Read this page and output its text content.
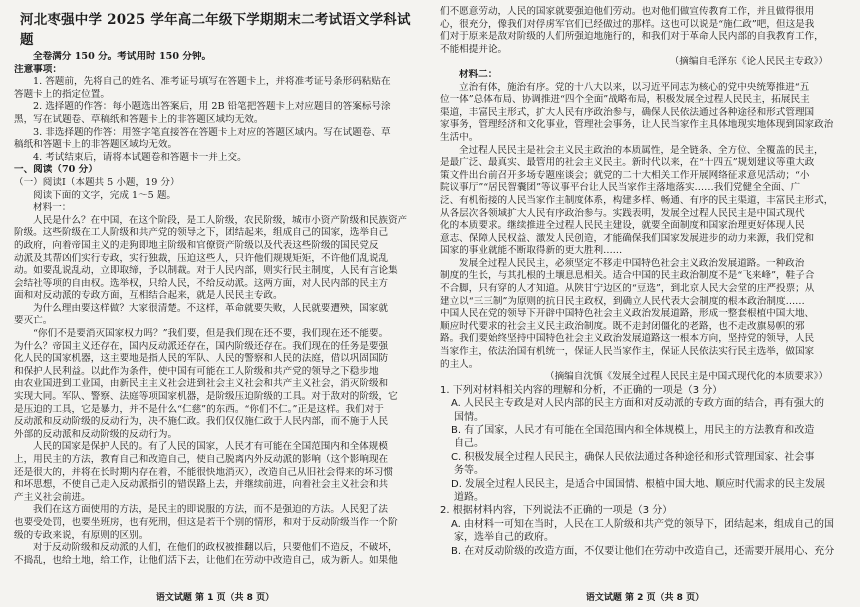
河北枣强中学 2025 学年高二年级下学期期末二考试语文学科试题
全卷满分 150 分。考试用时 150 分钟。
注意事项：
1. 答题前，先将自己的姓名、准考证号填写在答题卡上，并将准考证号条形码粘贴在
答题卡上的指定位置。
2. 选择题的作答：每小题选出答案后，用 2B 铅笔把答题卡上对应题目的答案标号涂
黑，写在试题卷、草稿纸和答题卡上的非答题区域均无效。
3. 非选择题的作答：用签字笔直接答在答题卡上对应的答题区域内。写在试题卷、草
稿纸和答题卡上的非答题区域均无效。
4. 考试结束后，请将本试题卷和答题卡一并上交。
一、阅读（70 分）
（一）阅读Ⅰ（本题共 5 小题，19 分）
阅读下面的文字，完成 1～5 题。
材料一：
人民是什么？在中国，在这个阶段，是工人阶级，农民阶级，城市小资产阶级和民族资产
阶级。这些阶级在工人阶级和共产党的领导之下，团结起来，组成自己的国家，选举自己
的政府，向着帝国主义的走狗即地主阶级和官僚资产阶级以及代表这些阶级的国民党反
动派及其帮凶们实行专政，实行独裁，压迫这些人，只许他们规规矩矩，不许他们乱说乱
动。如要乱说乱动，立即取缔，予以制裁。对于人民内部，则实行民主制度，人民有言论集
会结社等项的自由权。选举权，只给人民，不给反动派。这两方面，对人民内部的民主方
面和对反动派的专政方面，互相结合起来，就是人民民主专政。
为什么理由要这样做？大家很清楚。不这样，革命就要失败，人民就要遭殃，国家就
要灭亡。
“你们不是要消灭国家权力吗？”我们要，但是我们现在还不要，我们现在还不能要。
为什么？帝国主义还存在，国内反动派还存在，国内阶级还存在。我们现在的任务是要强
化人民的国家机器，这主要地是指人民的军队、人民的警察和人民的法庭，借以巩固国防
和保护人民利益。以此作为条件，使中国有可能在工人阶级和共产党的领导之下稳步地
由农业国进到工业国，由新民主主义社会进到社会主义社会和共产主义社会，消灭阶级和
实现大同。军队、警察、法庭等项国家机器，是阶级压迫阶级的工具。对于敌对的阶级，它
是压迫的工具，它是暴力，并不是什么“仁慈”的东西。“你们不仁。”正是这样。我们对于
反动派和反动阶级的反动行为，决不施仁政。我们仅仅施仁政于人民内部，而不施于人民
外部的反动派和反动阶级的反动行为。
人民的国家是保护人民的。有了人民的国家，人民才有可能在全国范围内和全体规模
上，用民主的方法，教育自己和改造自己，使自己脱离内外反动派的影响（这个影响现在
还是很大的，并将在长时期内存在着，不能很快地消灭），改造自己从旧社会得来的坏习惯
和坏思想，不使自己走入反动派指引的错误路上去，并继续前进，向着社会主义社会和共
产主义社会前进。
我们在这方面使用的方法，是民主的即说服的方法，而不是强迫的方法。人民犯了法
也要受处罚，也要坐班房，也有死刑，但这是若干个别的情形，和对于反动阶级当作一个阶
级的专政来说，有原则的区别。
对于反动阶级和反动派的人们，在他们的政权被推翻以后，只要他们不造反，不破坏，
不捣乱，也给土地，给工作，让他们活下去，让他们在劳动中改造自己，成为新人。如果他
语文试题 第 1 页（共 8 页）
们不愿意劳动，人民的国家就要强迫他们劳动。也对他们做宣传教育工作，并且做得很用
心，很充分，像我们对俘虏军官们已经做过的那样。这也可以说是“施仁政”吧，但这是我
们对于原来是敌对阶级的人们所强迫地施行的，和我们对于革命人民内部的自我教育工作，
不能相提并论。
（摘编自毛泽东《论人民民主专政》）
材料二：
立治有体，施治有序。党的十八大以来，以习近平同志为核心的党中央统筹推进“五
位一体”总体布局、协调推进“四个全面”战略布局，积极发展全过程人民民主，拓展民主
渠道，丰富民主形式，扩大人民有序政治参与，确保人民依法通过各种途径和形式管理国
家事务，管理经济和文化事业，管理社会事务，让人民当家作主具体地现实地体现到国家政治
生活中。
全过程人民民主是社会主义民主政治的本质属性，是全链条、全方位、全覆盖的民主，
是最广泛、最真实、最管用的社会主义民主。新时代以来，在“十四五”规划建议等重大政
策文件出台前召开多场专题座谈会；就党的二十大相关工作开展网络征求意见活动；“小
院议事厅”“居民智囊团”等议事平台让人民当家作主落地落实……我们党健全全面、广
泛、有机衔接的人民当家作主制度体系，构建多样、畅通、有序的民主渠道，丰富民主形式，
从各层次各领域扩大人民有序政治参与。实践表明，发展全过程人民民主是中国式现代
化的本质要求。继续推进全过程人民民主建设，就要全面制度和国家治理更好体现人民
意志、保障人民权益、激发人民创造，才能确保我们国家发展进步的动力来源，我们党和
国家的事业就能不断取得新的更大胜利……
发展全过程人民民主，必须坚定不移走中国特色社会主义政治发展道路。一种政治
制度的生长，与其扎根的土壤息息相关。适合中国的民主政治制度不是“飞来峰”，鞋子合
不合脚，只有穿的人才知道。从陕甘宁边区的“豆选”，到北京人民大会堂的庄严投票；从
建立以“三三制”为原则的抗日民主政权，到确立人民代表大会制度的根本政治制度……
中国人民在党的领导下开辟中国特色社会主义政治发展道路，形成一整套根植中国大地、
顺应时代要求的社会主义民主政治制度。既不走封闭僵化的老路，也不走改旗易帜的邪
路。我们要始终坚持中国特色社会主义政治发展道路这一根本方向，坚持党的领导，人民
当家作主，依法治国有机统一，保证人民当家作主，保证人民依法实行民主选举，做国家
的主人。
（摘编自沈慎《发展全过程人民民主是中国式现代化的本质要求》）
1. 下列对材料相关内容的理解和分析，不正确的一项是（3 分）
A. 人民民主专政是对人民内部的民主方面和对反动派的专政方面的结合，再有强大的
国情。
B. 有了国家，人民才有可能在全国范围内和全体规模上，用民主的方法教育和改造
自己。
C. 积极发展全过程人民民主，确保人民依法通过各种途径和形式管理国家、社会事
务等。
D. 发展全过程人民民主，是适合中国国情、根植中国大地、顺应时代需求的民主发展
道路。
2. 根据材料内容，下列说法不正确的一项是（3 分）
A. 由材料一可知在当时，人民在工人阶级和共产党的领导下，团结起来，组成自己的国
家，选举自己的政府。
B. 在对反动阶级的改造方面，不仅要让他们在劳动中改造自己，还需要开展用心、充分
语文试题 第 2 页（共 8 页）
